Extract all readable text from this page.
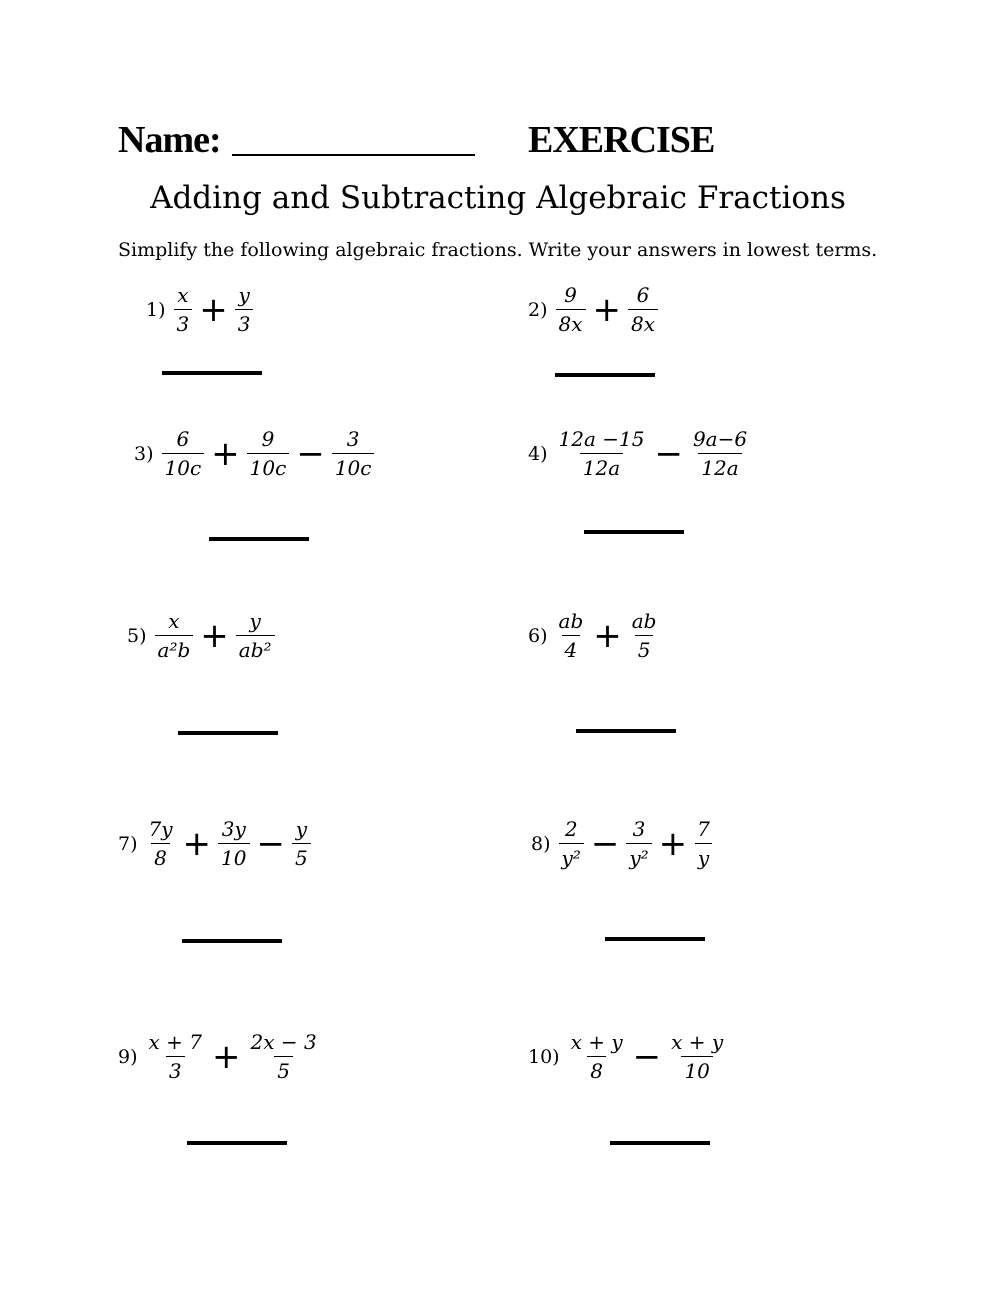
Name:	EXERCISE
Adding and Subtracting Algebraic Fractions
Simplify the following algebraic fractions. Write your answers in lowest terms.
$1) \frac{x}{3} + \frac{y}{3}$	$2) \frac{9}{8x} + \frac{6}{8x}$
$3) \frac{6}{10c} + \frac{9}{10c} - \frac{3}{10c}$	$4) \frac{12a -15}{12a} - \frac{9a-6}{12a}$
$5) \frac{x}{\text{a²b}} + \frac{y}{\text{ab²}}$	$6) \frac{ab}{4} + \frac{ab}{5}$
$7) \frac{7y}{8} + \frac{3y}{10} - \frac{y}{5}$	$8) \frac{2}{\text{y²}} - \frac{3}{\text{y²}} + \frac{7}{y}$
$9) \frac{x + 7}{3} + \frac{2x - 3}{5}$	$10) \frac{x + y}{8} - \frac{x + y}{10}$
